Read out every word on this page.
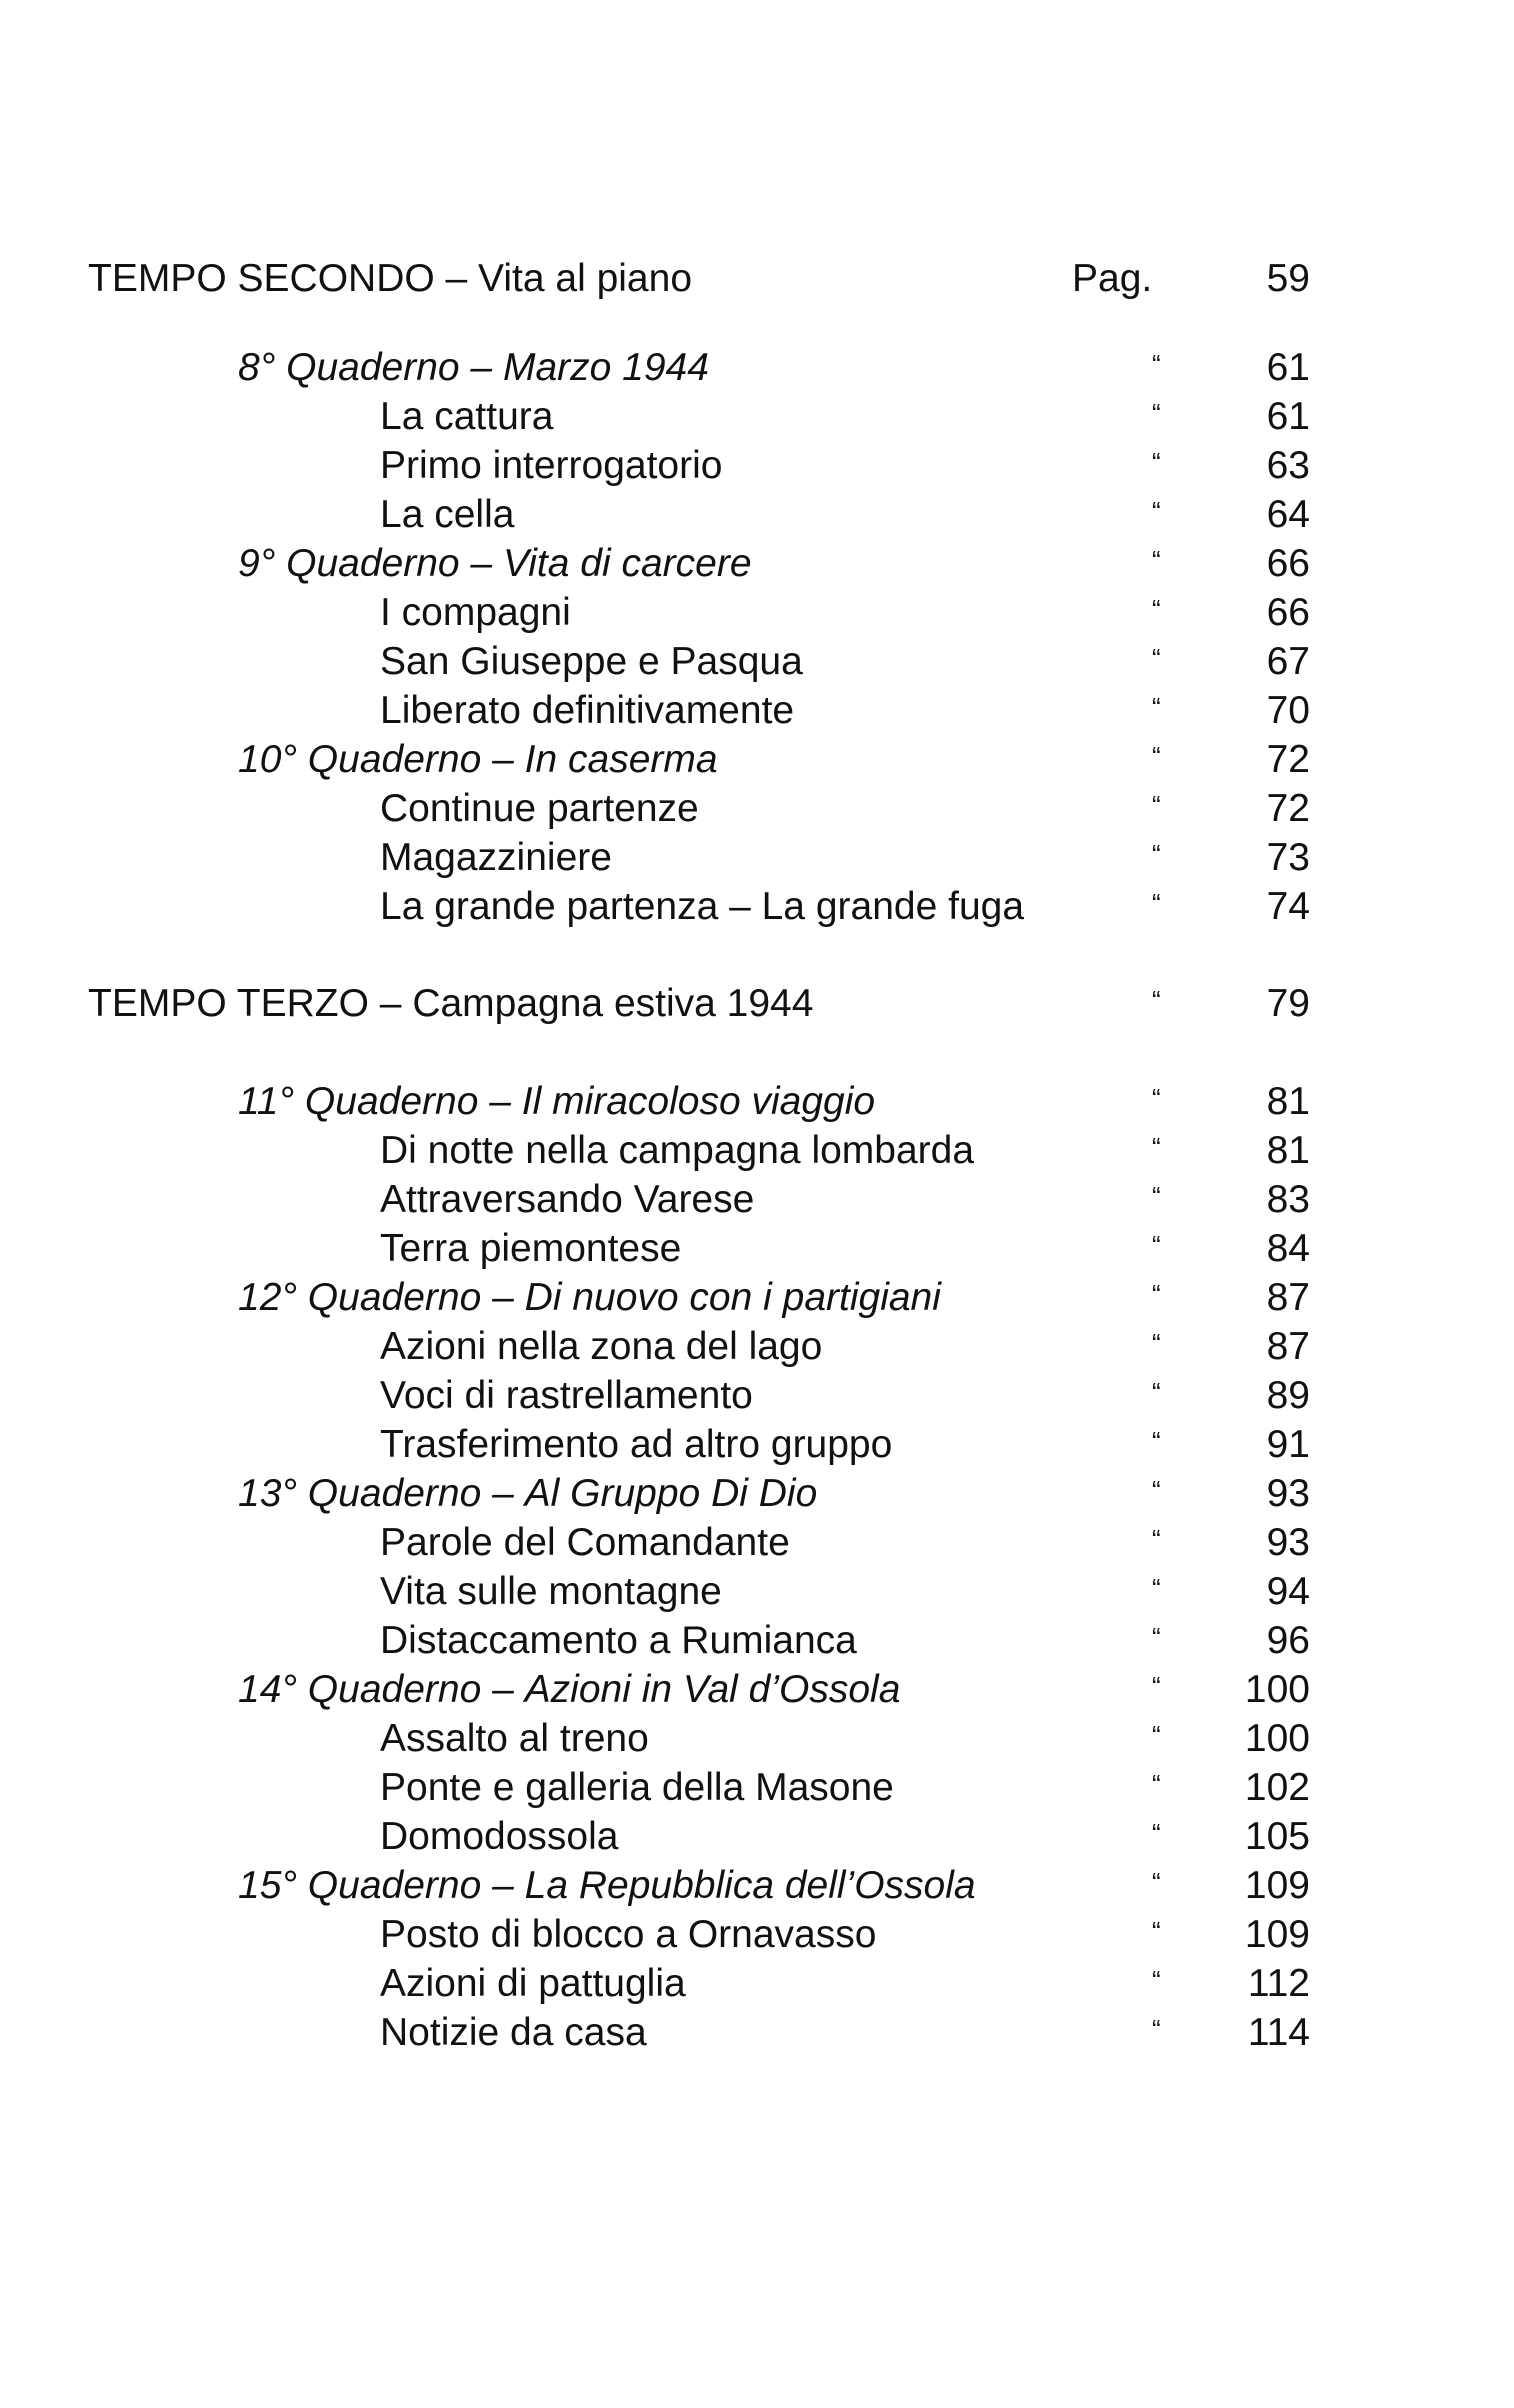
TEMPO SECONDO – Vita al piano	Pag.	59
8° Quaderno – Marzo 1944	“	61
La cattura	“	61
Primo interrogatorio	“	63
La cella	“	64
9° Quaderno – Vita di carcere	“	66
I compagni	“	66
San Giuseppe e Pasqua	“	67
Liberato definitivamente	“	70
10° Quaderno – In caserma	“	72
Continue partenze	“	72
Magazziniere	“	73
La grande partenza – La grande fuga	“	74
TEMPO TERZO – Campagna estiva 1944	“	79
11° Quaderno – Il miracoloso viaggio	“	81
Di notte nella campagna lombarda	“	81
Attraversando Varese	“	83
Terra piemontese	“	84
12° Quaderno – Di nuovo con i partigiani	“	87
Azioni nella zona del lago	“	87
Voci di rastrellamento	“	89
Trasferimento ad altro gruppo	“	91
13° Quaderno – Al Gruppo Di Dio	“	93
Parole del Comandante	“	93
Vita sulle montagne	“	94
Distaccamento a Rumianca	“	96
14° Quaderno – Azioni in Val d’Ossola	“	100
Assalto al treno	“	100
Ponte e galleria della Masone	“	102
Domodossola	“	105
15° Quaderno – La Repubblica dell’Ossola	“	109
Posto di blocco a Ornavasso	“	109
Azioni di pattuglia	“	112
Notizie da casa	“	114
